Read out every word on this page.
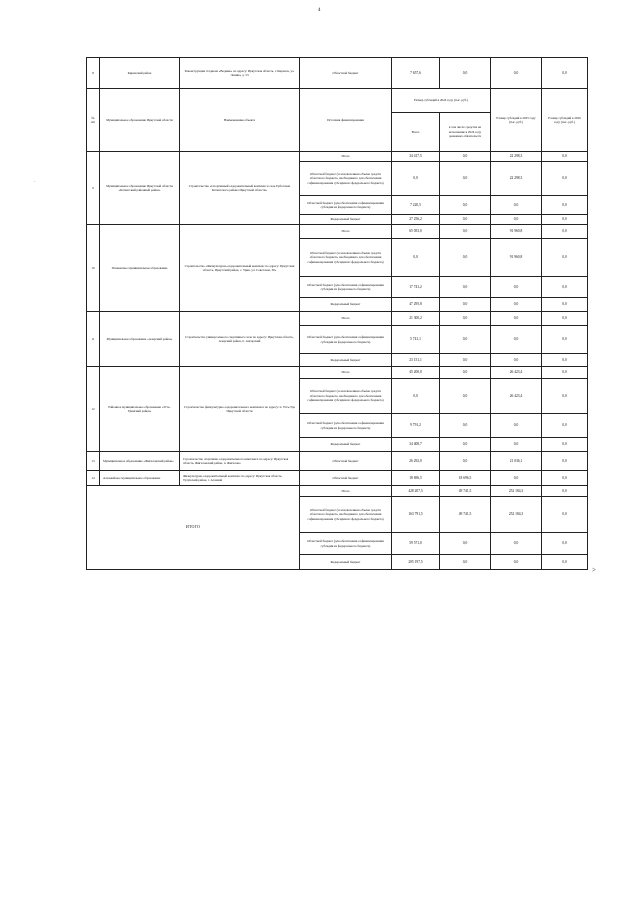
4
·
>
8	Киренский район	Реконструкция стадиона «Водник» по адресу: Иркутская область, г. Киренск, ул. Ленина, д. 53	Областной бюджет	7 657,6	0,0	0,0	0,0
№ п/п	Муниципальное образование Иркутской области	Наименование объекта	Источник финансирования	Размер субсидий в 2024 году (тыс. руб.)		Размер субсидий в 2025 году (тыс. руб.)	Размер субсидий в 2026 году (тыс. руб.)
				Всего	в том числе средства на исполнение в 2024 году денежных обязательств		
9	Муниципальное образование Иркутской области «Катангский районный район»	Строительство «Спортивный оздоровительный комплекс в селе Ербогачен Катангского района Иркутской области»	Итого	34 417,5	0,0	22 298,3	0,0
			Областной бюджет (за исключением объема средств областного бюджета, необходимого для обеспечения софинансирования субсидии из федерального бюджета)	0,0	0,0	22 298,3	0,0
			Областной бюджет (для обеспечения софинансирования субсидии из федерального бюджета)	7 220,5	0,0	0,0	0,0
			Федеральный бюджет	27 256,2	0,0	0,0	0,0
10	Ушаковское муниципальное образование	Строительство «Физкультурно-оздоровительный комплекс по адресу: Иркутская область, Иркутский район, с. Урик, ул. Советская, 30»	Итого	65 053,0	0,0	91 960,8	0,0
			Областной бюджет (за исключением объема средств областного бюджета, необходимого для обеспечения софинансирования субсидии из федерального бюджета)	0,0	0,0	91 960,8	0,0
			Областной бюджет (для обеспечения софинансирования субсидии из федерального бюджета)	17 741,2	0,0	0,0	0,0
			Федеральный бюджет	47 295,8	0,0	0,0	0,0
11	Муниципальное образование «Аларский район»	Строительство универсального спортивного зала по адресу: Иркутская область, Аларский район, п. Ангарский	Итого	21 300,2	0,0	0,0	0,0
			Областной бюджет (для обеспечения софинансирования субсидии из федерального бюджета)	5 741,1	0,0	0,0	0,0
			Федеральный бюджет	23 151,1	0,0	0,0	0,0
12	Районное муниципальное образование «Усть-Удинский район»	Строительство физкультурно-оздоровительного комплекса по адресу: п. Усть-Уда Иркутской области	Итого	45 200,0	0,0	26 423,4	0,0
			Областной бюджет (за исключением объема средств областного бюджета, необходимого для обеспечения софинансирования субсидии из федерального бюджета)	0,0	0,0	26 423,4	0,0
			Областной бюджет (для обеспечения софинансирования субсидии из федерального бюджета)	9 791,2	0,0	0,0	0,0
			Федеральный бюджет	34 408,7	0,0	0,0	0,0
13	Муниципальное образование «Жигаловский район»	Строительство спортивно-оздоровительного комплекса по адресу: Иркутская область, Жигаловский район, п. Жигалово	Областной бюджет	26 292,0	0,0	21 036,1	0,0
14	Алзамайское муниципальное образование	Физкультурно-оздоровительный комплекс по адресу: Иркутская область, Тулунский район, г. Алзамай	Областной бюджет	18 696,5	18 696,5	0,0	0,0
ИТОГО			Итого	428 207,5	49 741,5	252 184,3	0,0
			Областной бюджет (за исключением объема средств областного бюджета, необходимого для обеспечения софинансирования субсидии из федерального бюджета)	163 791,5	49 741,5	252 184,3	0,0
			Областной бюджет (для обеспечения софинансирования субсидии из федерального бюджета)	59 571,0	0,0	0,0	0,0
			Федеральный бюджет	205 197,5	0,0	0,0	0,0
